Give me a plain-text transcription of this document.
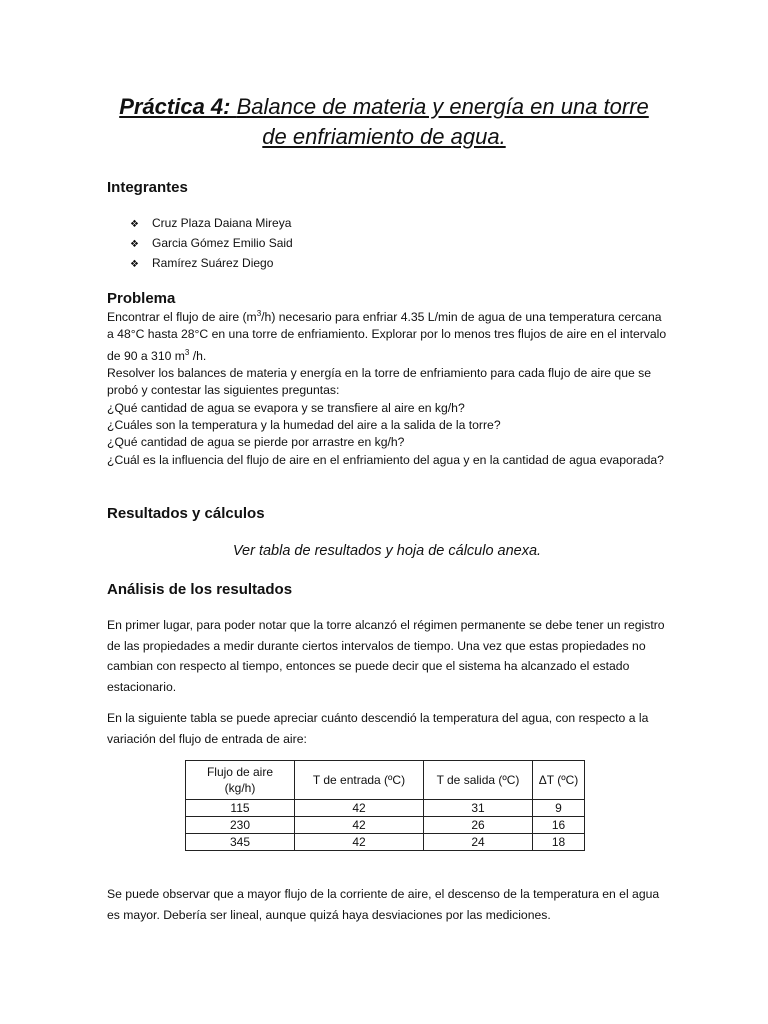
Práctica 4: Balance de materia y energía en una torre
de enfriamiento de agua.
Integrantes
❖ Cruz Plaza Daiana Mireya
❖ Garcia Gómez Emilio Said
❖ Ramírez Suárez Diego
Problema

Encontrar el flujo de aire $(m^3/h)$ necesario para enfriar 4.35 L/min de agua de una temperatura cercana a 48°C hasta 28°C en una torre de enfriamiento. Explorar por lo menos tres flujos de aire en el intervalo de 90 a 310 $m^3$ /h.

Resolver los balances de materia y energía en la torre de enfriamiento para cada flujo de aire que se probó y contestar las siguientes preguntas:

¿Qué cantidad de agua se evapora y se transfiere al aire en kg/h?

¿Cuáles son la temperatura y la humedad del aire a la salida de la torre?

¿Qué cantidad de agua se pierde por arrastre en kg/h?

¿Cuál es la influencia del flujo de aire en el enfriamiento del agua y en la cantidad de agua evaporada?

Resultados y cálculos
Ver tabla de resultados y hoja de cálculo anexa.
Análisis de los resultados

En primer lugar, para poder notar que la torre alcanzó el régimen permanente se debe tener un registro de las propiedades a medir durante ciertos intervalos de tiempo. Una vez que estas propiedades no cambian con respecto al tiempo, entonces se puede decir que el sistema ha alcanzado el estado estacionario.

En la siguiente tabla se puede apreciar cuánto descendió la temperatura del agua, con respecto a la variación del flujo de entrada de aire:

Flujo de aire (kg/h)	T de entrada (ºC)	T de salida (ºC)	ΔT (ºC)
115	42	31	9
230	42	26	16
345	42	24	18

Se puede observar que a mayor flujo de la corriente de aire, el descenso de la temperatura en el agua es mayor. Debería ser lineal, aunque quizá haya desviaciones por las mediciones.
